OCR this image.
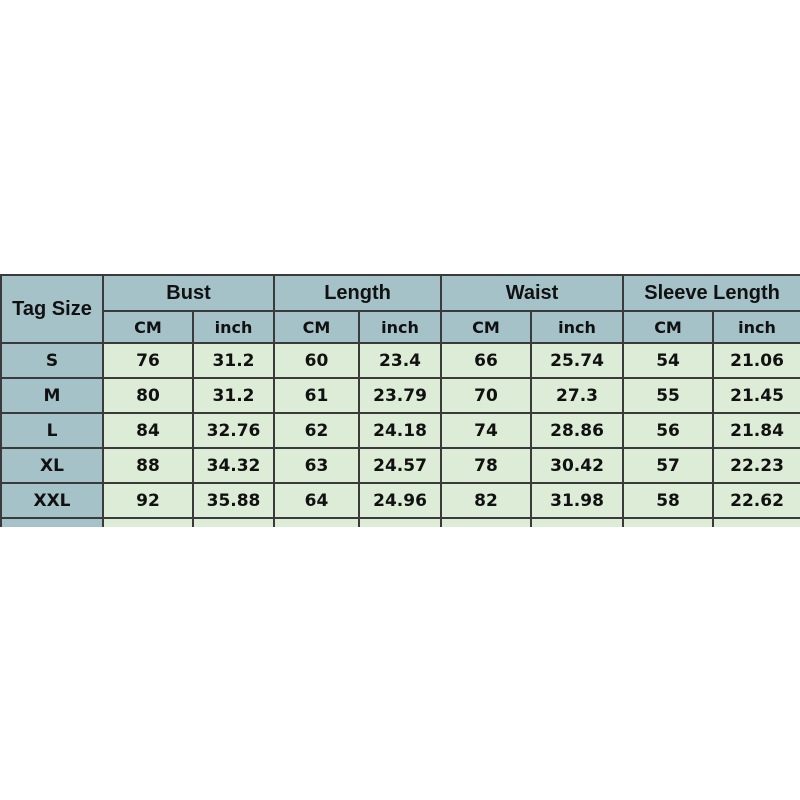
Tag Size	Bust		Length		Waist		Sleeve Length	
	CM	inch	CM	inch	CM	inch	CM	inch
S	76	31.2	60	23.4	66	25.74	54	21.06
M	80	31.2	61	23.79	70	27.3	55	21.45
L	84	32.76	62	24.18	74	28.86	56	21.84
XL	88	34.32	63	24.57	78	30.42	57	22.23
XXL	92	35.88	64	24.96	82	31.98	58	22.62
